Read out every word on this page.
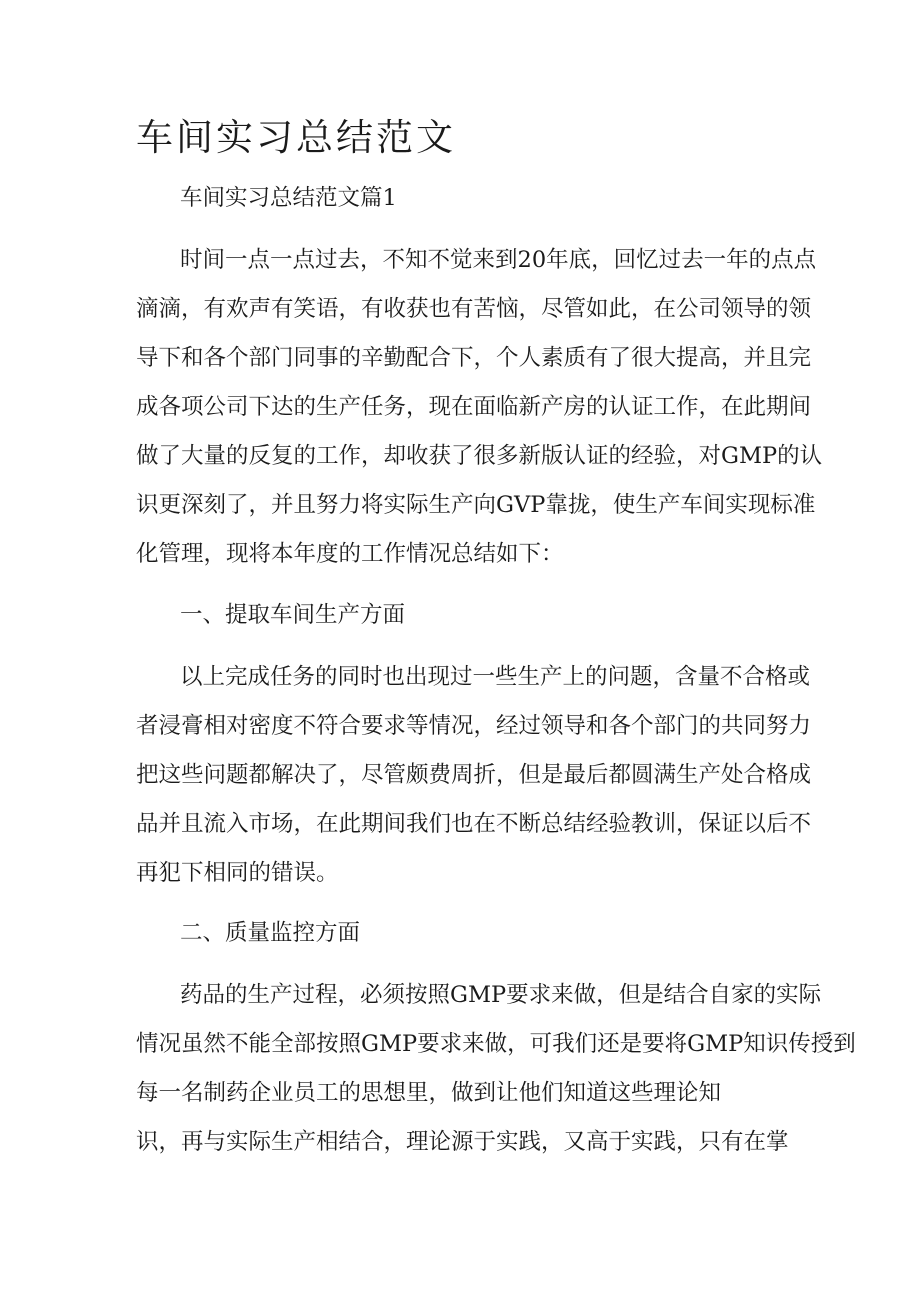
车间实习总结范文

车间实习总结范文篇1

时间一点一点过去，不知不觉来到20年底，回忆过去一年的点点

滴滴，有欢声有笑语，有收获也有苦恼，尽管如此，在公司领导的领

导下和各个部门同事的辛勤配合下，个人素质有了很大提高，并且完

成各项公司下达的生产任务，现在面临新产房的认证工作，在此期间

做了大量的反复的工作，却收获了很多新版认证的经验，对GMP的认

识更深刻了，并且努力将实际生产向GVP靠拢，使生产车间实现标准

化管理，现将本年度的工作情况总结如下：

一、提取车间生产方面

以上完成任务的同时也出现过一些生产上的问题，含量不合格或

者浸膏相对密度不符合要求等情况，经过领导和各个部门的共同努力

把这些问题都解决了，尽管颇费周折，但是最后都圆满生产处合格成

品并且流入市场，在此期间我们也在不断总结经验教训，保证以后不

再犯下相同的错误。

二、质量监控方面

药品的生产过程，必须按照GMP要求来做，但是结合自家的实际

情况虽然不能全部按照GMP要求来做，可我们还是要将GMP知识传授到

每一名制药企业员工的思想里，做到让他们知道这些理论知

识，再与实际生产相结合，理论源于实践，又高于实践，只有在掌
